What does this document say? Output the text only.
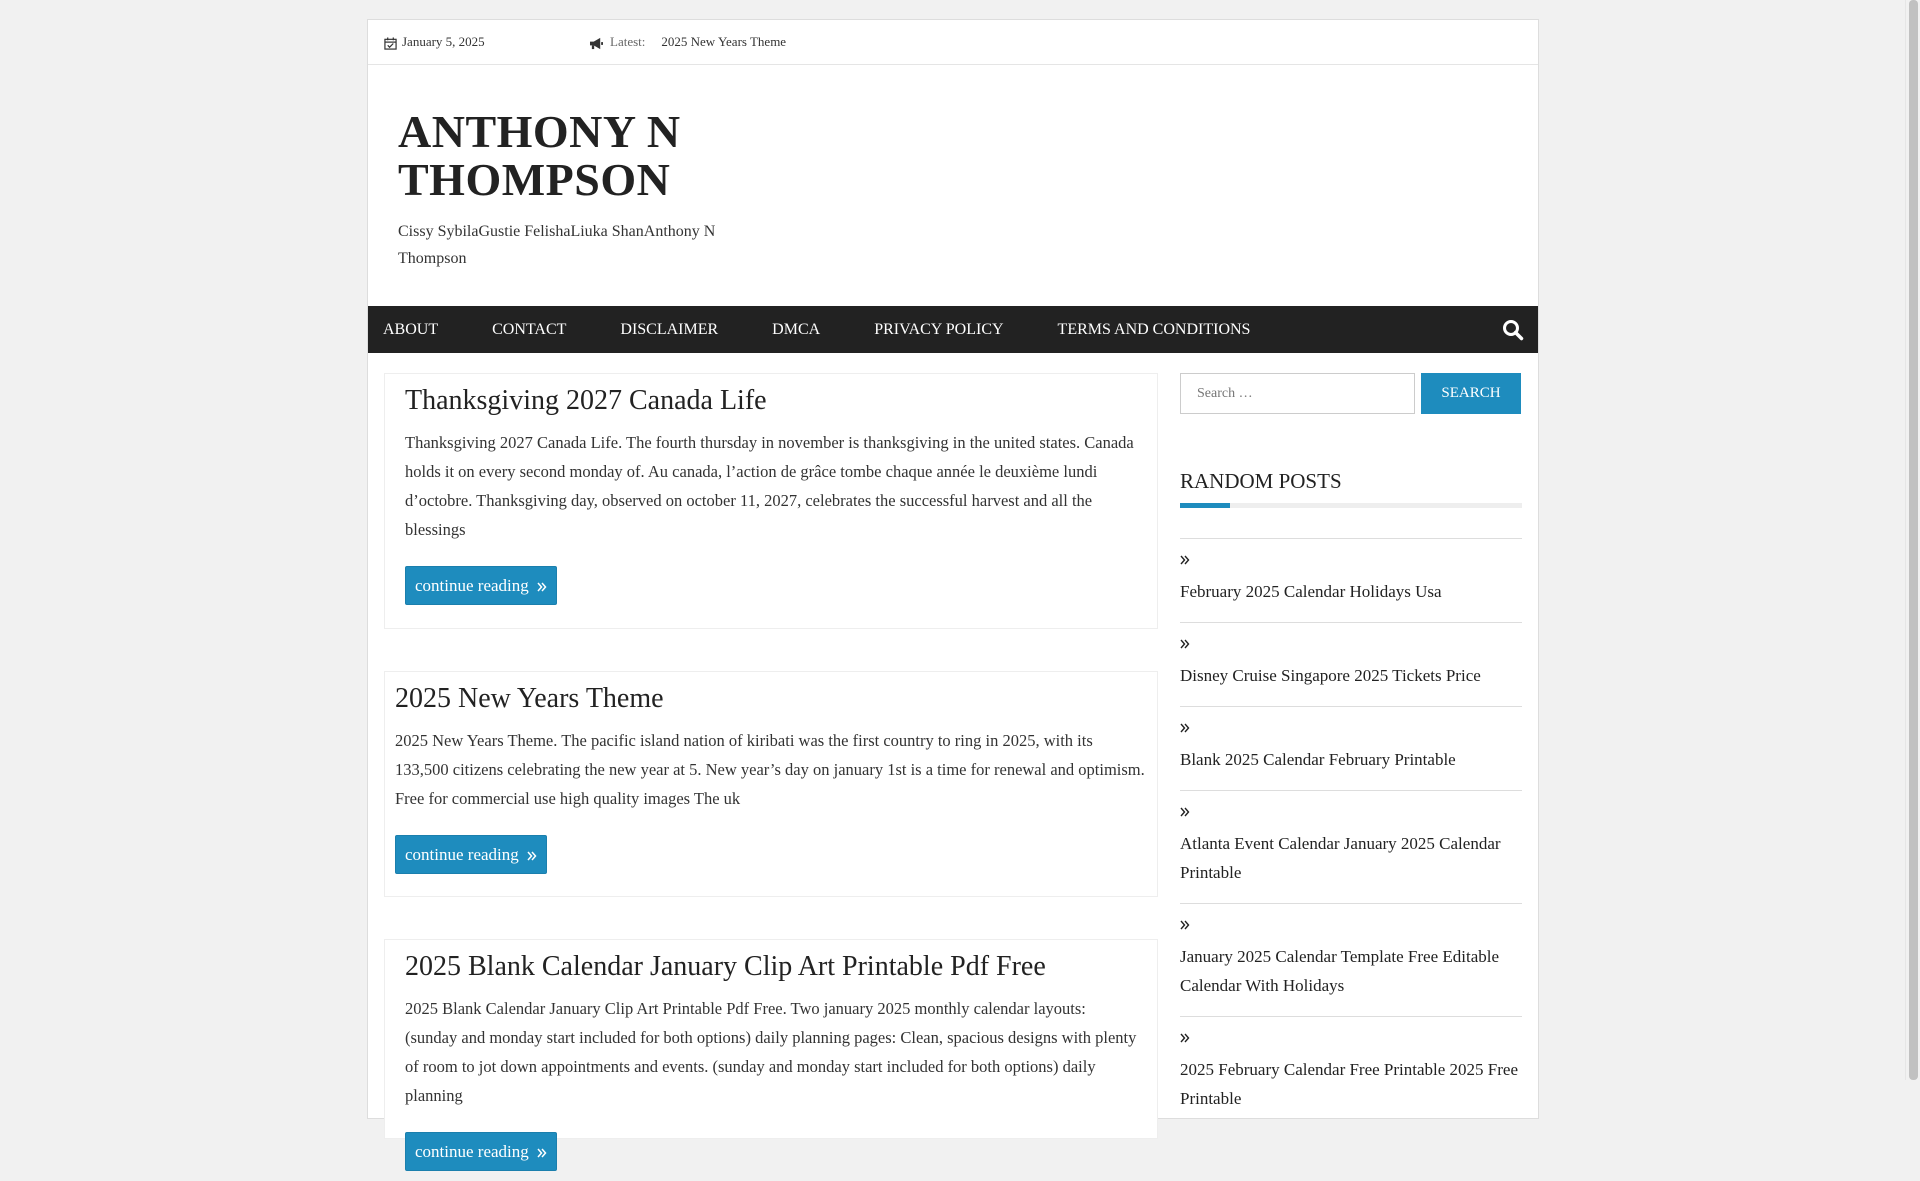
January 5, 2025	Latest: 2025 New Years Theme
ANTHONY N THOMPSON
Cissy SybilaGustie FelishaLiuka ShanAnthony N Thompson
ABOUT	CONTACT	DISCLAIMER	DMCA	PRIVACY POLICY	TERMS AND CONDITIONS
Thanksgiving 2027 Canada Life

Thanksgiving 2027 Canada Life. The fourth thursday in november is thanksgiving in the united states. Canada holds it on every second monday of. Au canada, l’action de grâce tombe chaque année le deuxième lundi d’octobre. Thanksgiving day, observed on october 11, 2027, celebrates the successful harvest and all the blessings

continue reading
2025 New Years Theme

2025 New Years Theme. The pacific island nation of kiribati was the first country to ring in 2025, with its 133,500 citizens celebrating the new year at 5. New year’s day on january 1st is a time for renewal and optimism. Free for commercial use high quality images The uk

continue reading
2025 Blank Calendar January Clip Art Printable Pdf Free

2025 Blank Calendar January Clip Art Printable Pdf Free. Two january 2025 monthly calendar layouts: (sunday and monday start included for both options) daily planning pages: Clean, spacious designs with plenty of room to jot down appointments and events. (sunday and monday start included for both options) daily planning

continue reading
Search …
SEARCH
RANDOM POSTS
February 2025 Calendar Holidays Usa
Disney Cruise Singapore 2025 Tickets Price
Blank 2025 Calendar February Printable
Atlanta Event Calendar January 2025 Calendar Printable
January 2025 Calendar Template Free Editable Calendar With Holidays
2025 February Calendar Free Printable 2025 Free Printable
